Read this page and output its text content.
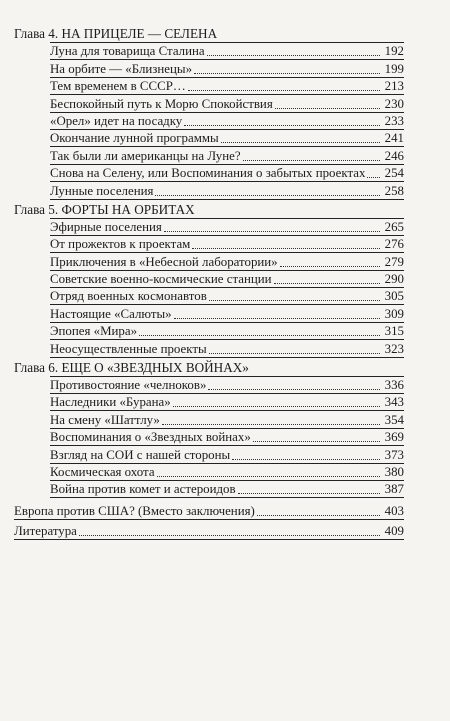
Глава 4. НА ПРИЦЕЛЕ — СЕЛЕНА
Луна для товарища Сталина	192
На орбите — «Близнецы»	199
Тем временем в СССР…	213
Беспокойный путь к Морю Спокойствия	230
«Орел» идет на посадку	233
Окончание лунной программы	241
Так были ли американцы на Луне?	246
Снова на Селену, или Воспоминания о забытых проектах 254
Лунные поселения	258
Глава 5. ФОРТЫ НА ОРБИТАХ
Эфирные поселения	265
От прожектов к проектам	276
Приключения в «Небесной лаборатории»	279
Советские военно-космические станции	290
Отряд военных космонавтов	305
Настоящие «Салюты»	309
Эпопея «Мира»	315
Неосуществленные проекты	323
Глава 6. ЕЩЕ О «ЗВЕЗДНЫХ ВОЙНАХ»
Противостояние «челноков»	336
Наследники «Бурана»	343
На смену «Шаттлу»	354
Воспоминания о «Звездных войнах»	369
Взгляд на СОИ с нашей стороны	373
Космическая охота	380
Война против комет и астероидов	387
Европа против США? (Вместо заключения)	403
Литература	409
